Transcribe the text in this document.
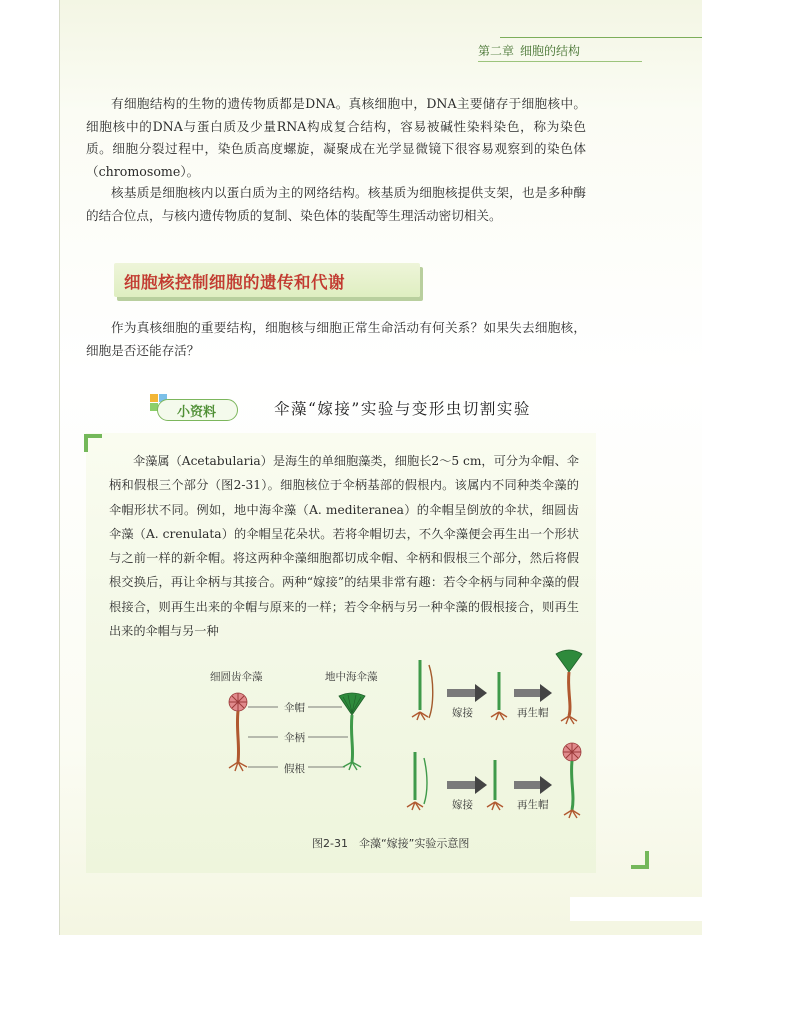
第二章 细胞的结构

有细胞结构的生物的遗传物质都是DNA。真核细胞中，DNA主要储存于细胞核中。细胞核中的DNA与蛋白质及少量RNA构成复合结构，容易被碱性染料染色，称为染色质。细胞分裂过程中，染色质高度螺旋，凝聚成在光学显微镜下很容易观察到的染色体（chromosome）。

核基质是细胞核内以蛋白质为主的网络结构。核基质为细胞核提供支架，也是多种酶的结合位点，与核内遗传物质的复制、染色体的装配等生理活动密切相关。

细胞核控制细胞的遗传和代谢

作为真核细胞的重要结构，细胞核与细胞正常生命活动有何关系？如果失去细胞核，细胞是否还能存活？

小资料	伞藻“嫁接”实验与变形虫切割实验

伞藻属（Acetabularia）是海生的单细胞藻类，细胞长2～5 cm，可分为伞帽、伞柄和假根三个部分（图2-31）。细胞核位于伞柄基部的假根内。该属内不同种类伞藻的伞帽形状不同。例如，地中海伞藻（A. mediteranea）的伞帽呈倒放的伞状，细圆齿伞藻（A. crenulata）的伞帽呈花朵状。若将伞帽切去，不久伞藻便会再生出一个形状与之前一样的新伞帽。将这两种伞藻细胞都切成伞帽、伞柄和假根三个部分，然后将假根交换后，再让伞柄与其接合。两种“嫁接”的结果非常有趣：若令伞柄与同种伞藻的假根接合，则再生出来的伞帽与原来的一样；若令伞柄与另一种伞藻的假根接合，则再生出来的伞帽与另一种

细圆齿伞藻	地中海伞藻
伞帽
伞柄
假根
嫁接	再生帽
嫁接	再生帽
图2-31　伞藻“嫁接”实验示意图
